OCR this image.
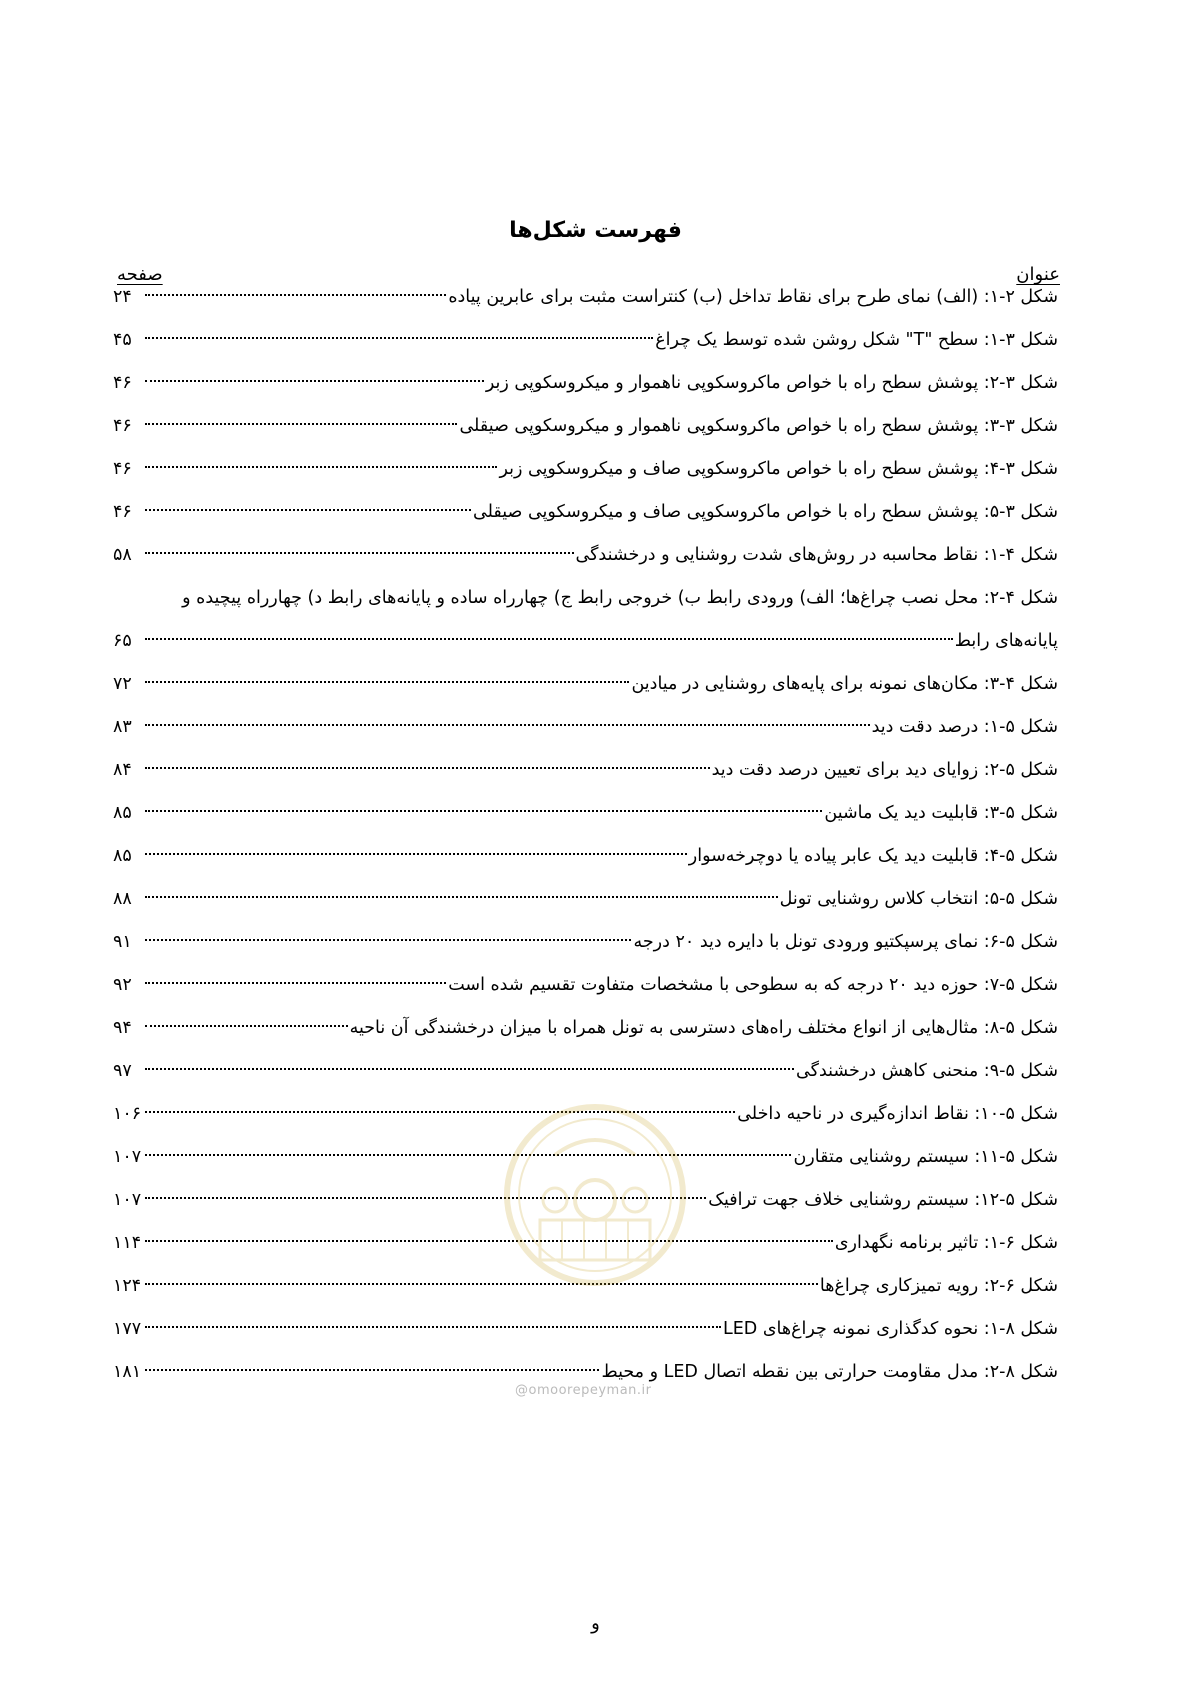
فهرست شکل‌ها
عنوان
صفحه
شکل ۲-۱: (الف) نمای طرح برای نقاط تداخل (ب) کنتراست مثبت برای عابرین پیاده
۲۴
شکل ۳-۱: سطح "T" شکل روشن شده توسط یک چراغ
۴۵
شکل ۳-۲: پوشش سطح راه با خواص ماکروسکوپی ناهموار و میکروسکوپی زبر
۴۶
شکل ۳-۳: پوشش سطح راه با خواص ماکروسکوپی ناهموار و میکروسکوپی صیقلی
۴۶
شکل ۳-۴: پوشش سطح راه با خواص ماکروسکوپی صاف و میکروسکوپی زبر
۴۶
شکل ۳-۵: پوشش سطح راه با خواص ماکروسکوپی صاف و میکروسکوپی صیقلی
۴۶
شکل ۴-۱: نقاط محاسبه در روش‌های شدت روشنایی و درخشندگی
۵۸
شکل ۴-۲: محل نصب چراغ‌ها؛ الف) ورودی رابط ب) خروجی رابط ج) چهارراه ساده و پایانه‌های رابط د) چهارراه پیچیده و
پایانه‌های رابط
۶۵
شکل ۴-۳: مکان‌های نمونه برای پایه‌های روشنایی در میادین
۷۲
شکل ۵-۱: درصد دقت دید
۸۳
شکل ۵-۲: زوایای دید برای تعیین درصد دقت دید
۸۴
شکل ۵-۳: قابلیت دید یک ماشین
۸۵
شکل ۵-۴: قابلیت دید یک عابر پیاده یا دوچرخه‌سوار
۸۵
شکل ۵-۵: انتخاب کلاس روشنایی تونل
۸۸
شکل ۵-۶: نمای پرسپکتیو ورودی تونل با دایره دید ۲۰ درجه
۹۱
شکل ۵-۷: حوزه دید ۲۰ درجه که به سطوحی با مشخصات متفاوت تقسیم شده است
۹۲
شکل ۵-۸: مثال‌هایی از انواع مختلف راه‌های دسترسی به تونل همراه با میزان درخشندگی آن ناحیه
۹۴
شکل ۵-۹: منحنی کاهش درخشندگی
۹۷
شکل ۵-۱۰: نقاط اندازه‌گیری در ناحیه داخلی
۱۰۶
شکل ۵-۱۱: سیستم روشنایی متقارن
۱۰۷
شکل ۵-۱۲: سیستم روشنایی خلاف جهت ترافیک
۱۰۷
شکل ۶-۱: تاثیر برنامه نگهداری
۱۱۴
شکل ۶-۲: رویه تمیزکاری چراغ‌ها
۱۲۴
شکل ۸-۱: نحوه کدگذاری نمونه چراغ‌های LED
۱۷۷
شکل ۸-۲: مدل مقاومت حرارتی بین نقطه اتصال LED و محیط
۱۸۱
@omoorepeyman.ir
و
